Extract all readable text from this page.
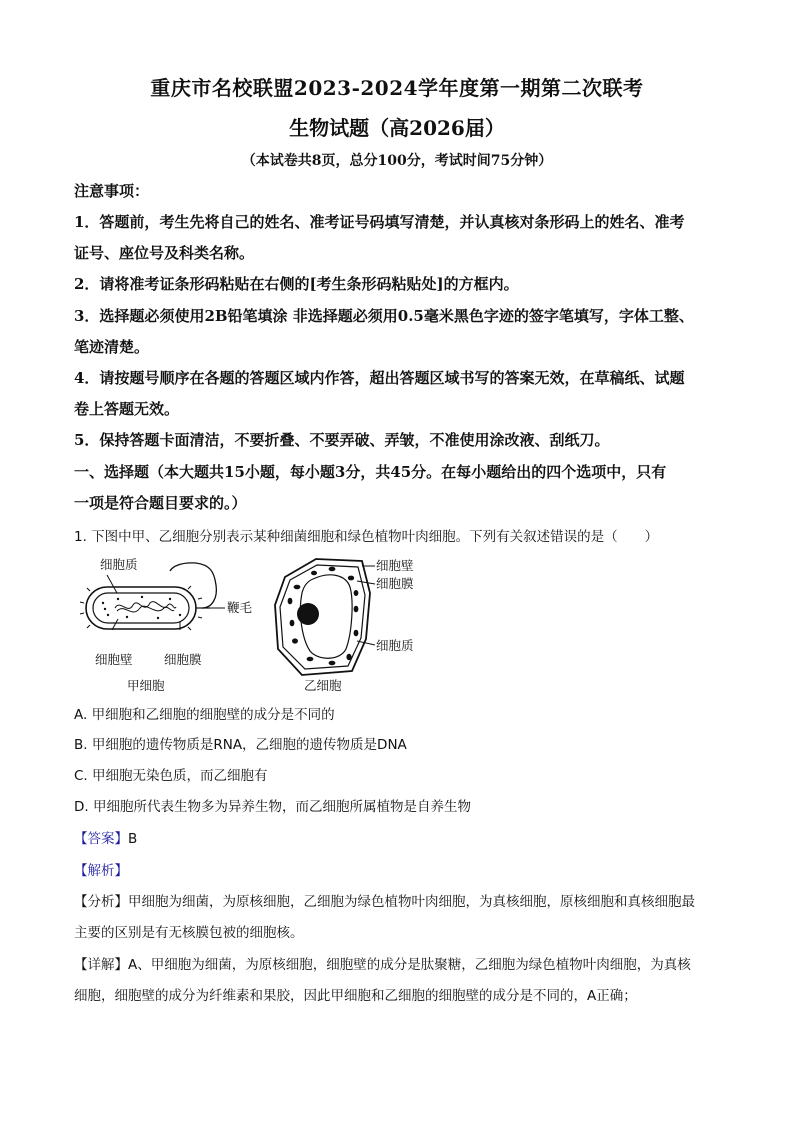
重庆市名校联盟2023-2024学年度第一期第二次联考
生物试题（高2026届）
（本试卷共8页，总分100分，考试时间75分钟）
注意事项：
1．答题前，考生先将自己的姓名、准考证号码填写清楚，并认真核对条形码上的姓名、准考
证号、座位号及科类名称。
2．请将准考证条形码粘贴在右侧的[考生条形码粘贴处]的方框内。
3．选择题必须使用2B铅笔填涂 非选择题必须用0.5毫米黑色字迹的签字笔填写，字体工整、
笔迹清楚。
4．请按题号顺序在各题的答题区域内作答，超出答题区域书写的答案无效，在草稿纸、试题
卷上答题无效。
5．保持答题卡面清洁，不要折叠、不要弄破、弄皱，不准使用涂改液、刮纸刀。
一、选择题（本大题共15小题，每小题3分，共45分。在每小题给出的四个选项中，只有
一项是符合题目要求的。）
1. 下图中甲、乙细胞分别表示某种细菌细胞和绿色植物叶肉细胞。下列有关叙述错误的是（　　）
细胞质
鞭毛
细胞壁	细胞膜
甲细胞
细胞壁
细胞膜
细胞质
乙细胞
A. 甲细胞和乙细胞的细胞壁的成分是不同的
B. 甲细胞的遗传物质是RNA，乙细胞的遗传物质是DNA
C. 甲细胞无染色质，而乙细胞有
D. 甲细胞所代表生物多为异养生物，而乙细胞所属植物是自养生物
【答案】B
【解析】
【分析】甲细胞为细菌，为原核细胞，乙细胞为绿色植物叶肉细胞，为真核细胞，原核细胞和真核细胞最
主要的区别是有无核膜包被的细胞核。
【详解】A、甲细胞为细菌，为原核细胞，细胞壁的成分是肽聚糖，乙细胞为绿色植物叶肉细胞，为真核
细胞，细胞壁的成分为纤维素和果胶，因此甲细胞和乙细胞的细胞壁的成分是不同的，A正确；
